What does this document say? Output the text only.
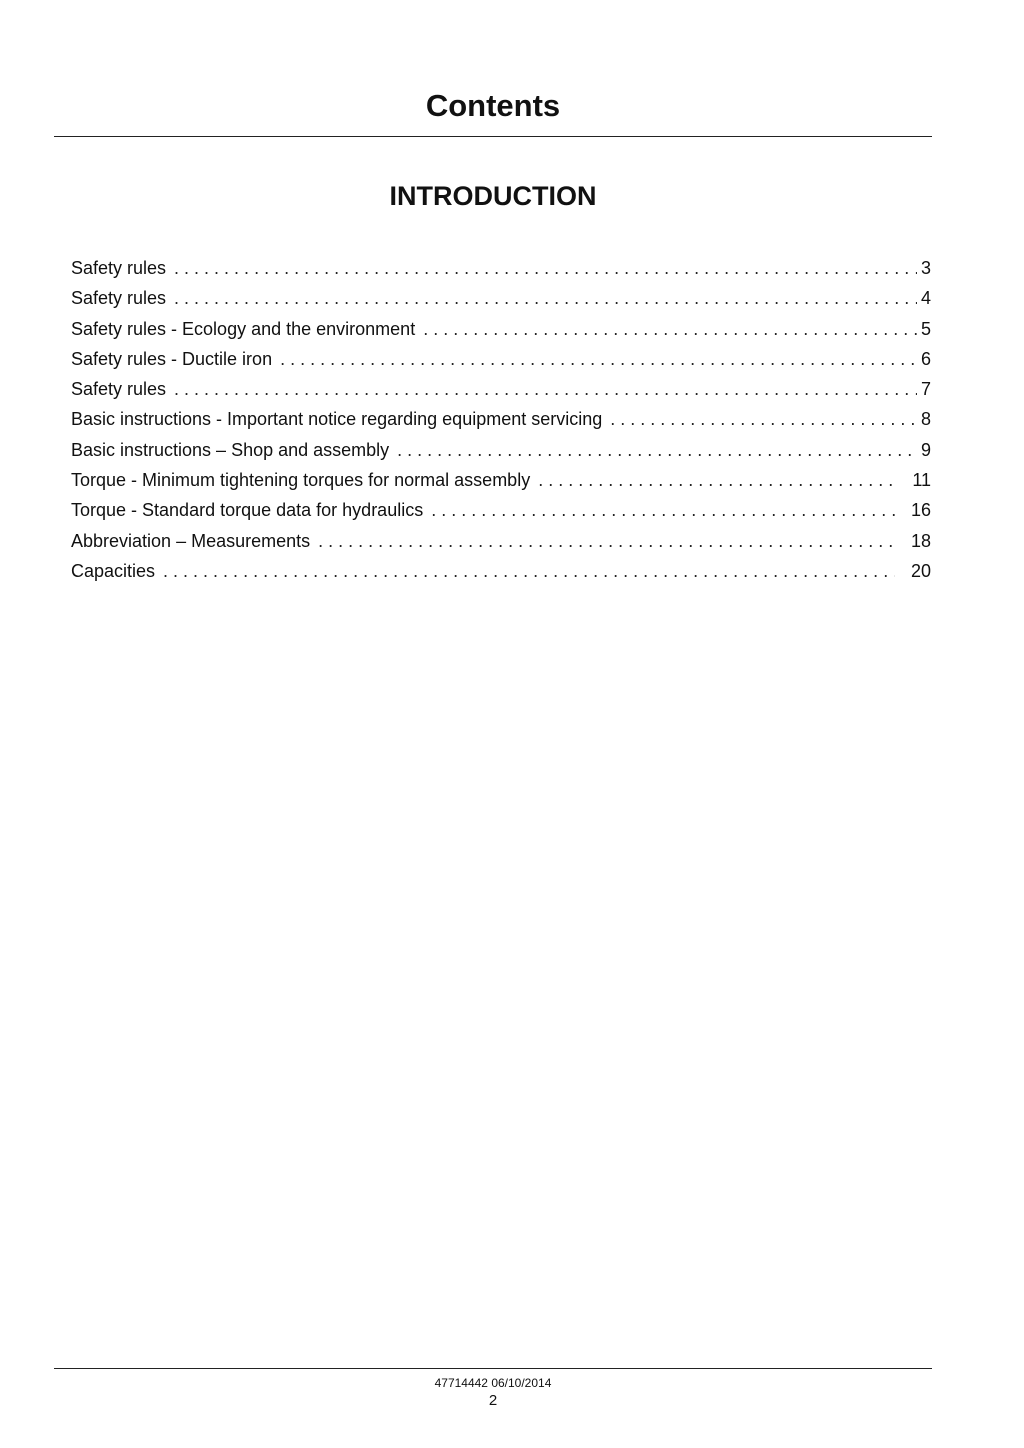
Contents
INTRODUCTION
Safety rules . . .	3
Safety rules . . .	4
Safety rules - Ecology and the environment . . .	5
Safety rules - Ductile iron . . .	6
Safety rules . . .	7
Basic instructions - Important notice regarding equipment servicing . . .	8
Basic instructions – Shop and assembly . . .	9
Torque - Minimum tightening torques for normal assembly . . .	11
Torque - Standard torque data for hydraulics . . .	16
Abbreviation – Measurements . . .	18
Capacities . . .	20
47714442 06/10/2014
2
